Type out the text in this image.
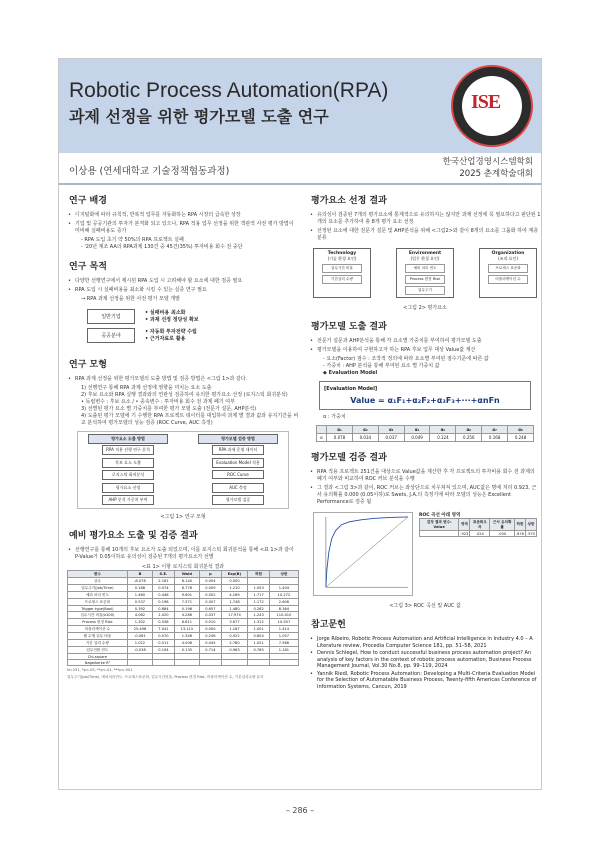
Robotic Process Automation(RPA)
과제 선정을 위한 평가모델 도출 연구
ISE
이상용 (연세대학교 기술정책협동과정)
한국산업경영시스템학회
2025 춘계학술대회
연구 배경
• 디지털화에 따라 규칙적, 반복적 업무를 자동화하는 RPA 시장의 급속한 성장
• 기업 및 공공기관의 투자가 본격화 되고 있으나, RPA 적용 업무 선정을 위한 객관적 사전 평가 방법이 미비해 실패비용도 증가
- RPA 도입 초기 약 50%의 RPA 프로젝트 실패
- '20년 계조 AA의 RPA과제 130건 중 45건(35%) 투자비용 회수 전 중단
연구 목적
• 다양한 선행연구에서 제시된 RPA 도입 시 고려해야 할 요소에 대한 검증 필요
• RPA 도입 시 실패비용을 최소화 시킬 수 있는 실증 연구 필요
→ RPA 과제 선정을 위한 사전 평가 모델 개발
일반기업
• 실패비용 최소화
• 과제 선정 정당성 확보
공공분야
• 자동화 투자전략 수립
• 근거자료로 활용
연구 모형
• RPA 과제 선정을 위한 평가모델의 도출 방법 및 검증 방법은 <그림 1>과 같다.
1) 선행연구 통해 RPA 과제 선정에 영향을 미치는 요소 도출
2) 후보 요소와 RPA 실행 결과와의 연관성 검증하여 유의한 평가요소 선정 (로지스틱 회귀분석)
• 독립변수 : 후보 요소 / • 종속변수 : 투자비용 회수 전 과제 폐기 여부
3) 선별된 평가 요소 별 가중치를 부여한 평가 모델 도출 (전문가 설문, AHP분석)
4) 도출된 평가 모델에 기 수행한 RPA 프로젝트 데이터를 대입하여 과제 별 결과 값과 유지기간을 비교 분석하여 평가모델의 성능 검증 (ROC Curve, AUC 측정)
평가요소 도출 방법
RPA 적용 선행 연구 분석
후보 요소 도출
로지스틱 회귀분석
평가요소 선정
AHP 분석 가중치 부여
평가모델 검증 방법
RPA 과제 운영 데이터
Evaluation Model 적용
ROC Curve
AUC 측정
평가모델 검증
<그림 1> 연구 모형
예비 평가요소 도출 및 검증 결과
• 선행연구를 통해 10개의 후보 요소가 도출 되었으며, 이를 로지스틱 회귀분석을 통해 <표 1>과 같이 P-Value가 0.05이하로 유의성이 검증된 7개의 평가요소가 선별
<표 1> 이항 로지스틱 회귀분석 결과
변수	B	S.E.	Wald	p	Exp(B)	하한	상한
상수	-8.076	2.161	6.140	0.004	0.000		
업무주기(Job/Time)	0.188	0.074	6.776	0.009	1.210	1.053	1.404
예외 처리 빈도	1.460	0.448	9.601	0.002	4.169	1.717	10.272
프로세스 표준화	0.537	0.198	7.371	0.007	1.748	1.172	2.606
Trigger type(Bool)	0.392	0.884	0.196	0.657	1.480	0.262	8.364
업무시간 비율(x100)	4.062	2.020	4.286	0.037	17.974	1.243	110.410
Process 변경 Risk	1.302	0.538	6.611	0.010	3.677	1.312	10.507
어플리케이션 수	25.496	7.041	13.115	0.000	1.187	1.001	1.414
웹 수행 업무 비율	-0.081	0.070	1.346	0.246	0.922	0.804	1.057
기본 입력 수량	1.022	0.511	4.006	0.045	2.780	1.021	7.566
업무전환 빈도	-0.038	0.104	0.135	0.714	0.963	0.785	1.181
Chi-square							
Nagelkerke R²							
N=251, *p<.05, **p<.01, ***p<.001
업무주기(Job/Time), 예외처리빈도, 프로세스표준화, 업무시간비율, Process 변경 Risk, 어플리케이션 수, 기본입력수량 유의
평가요소 선정 결과
• 유의성이 검증된 7개의 평가요소에 통계적으로 유의하지는 않지만 과제 선정에 꼭 필요하다고 판단된 1개의 요소를 추가하여 총 8개 평가 요소 선정
• 선정된 요소에 대한 전문가 설문 및 AHP분석을 위해 <그림2>와 같이 8개의 요소를 그룹화 하여 계층 분류
Technology
(기술 환경 요인)
업무시간 비율
기본입력 수량
Environment
(업무 환경 요인)
예외 처리 빈도
Process 변경 Risk
업무주기
Organization
(조직 요인)
프로세스 표준화
어플리케이션 수
<그림 2> 평가요소
평가모델 도출 결과
• 전문가 설문과 AHP분석을 통해 각 요소별 가중치를 부여하여 평가모델 도출
• 평가모델을 이용하여 구현하고자 하는 RPA 후보 업무 대상 Value값 계산
- 요소(Factor) 점수 : 조작적 정의에 따라 요소별 부여된 점수기준에 따른 값
- 가중치 : AHP 분석을 통해 부여된 요소 별 가중치 값
◆ Evaluation Model
[Evaluation Model]
Value = α₁F₁+α₂F₂+α₃F₃+···+αnFn
α : 가중치
	α₁	α₂	α₃	α₄	α₅	α₆	α₇	α₈
α	0.078	0.034	0.037	0.049	0.124	0.256	0.168	0.248
평가모델 검증 결과
• RPA 적용 프로젝트 251건을 대상으로 Value값을 계산한 후 각 프로젝트의 투자비용 회수 전 과제의 폐기 여부와 비교하여 ROC 커브 분석을 수행
• 그 결과 <그림 3>과 같이, ROC 커브는 좌상단으로 치우쳐져 있으며, AUC값은 명예 처리 0.923, 근사 유의확률 0.000 (0.05이하)로 Swets, J.A.의 측정기에 따라 모델의 성능은 Excellent Performance로 검증 됨
ROC 곡선 아래 영역
검정 결과 변수: Value	영역	표준화오차	근사 유의확률	하한	상한
	.923	.024	.000	.876	.970
<그림 3> ROC 곡선 및 AUC 값
참고문헌

• Jorge Ribeiro, Robotic Process Automation and Artificial Intelligence in Industry 4.0 – A Literature review, Procedia Computer Science 181, pp. 51–58, 2021

• Dennis Schlegel, How to conduct successful business process automation project? An analysis of key factors in the context of robotic process automation, Business Process Management Journal, Vol.30 No.8, pp. 99–119, 2024

• Yannik Riedl, Robotic Process Automation: Developing a Multi-Criteria Evaluation Model for the Selection of Automatable Business Process, Twenty-fifth Americas Conference of Information Systems, Cancun, 2019

– 286 –
